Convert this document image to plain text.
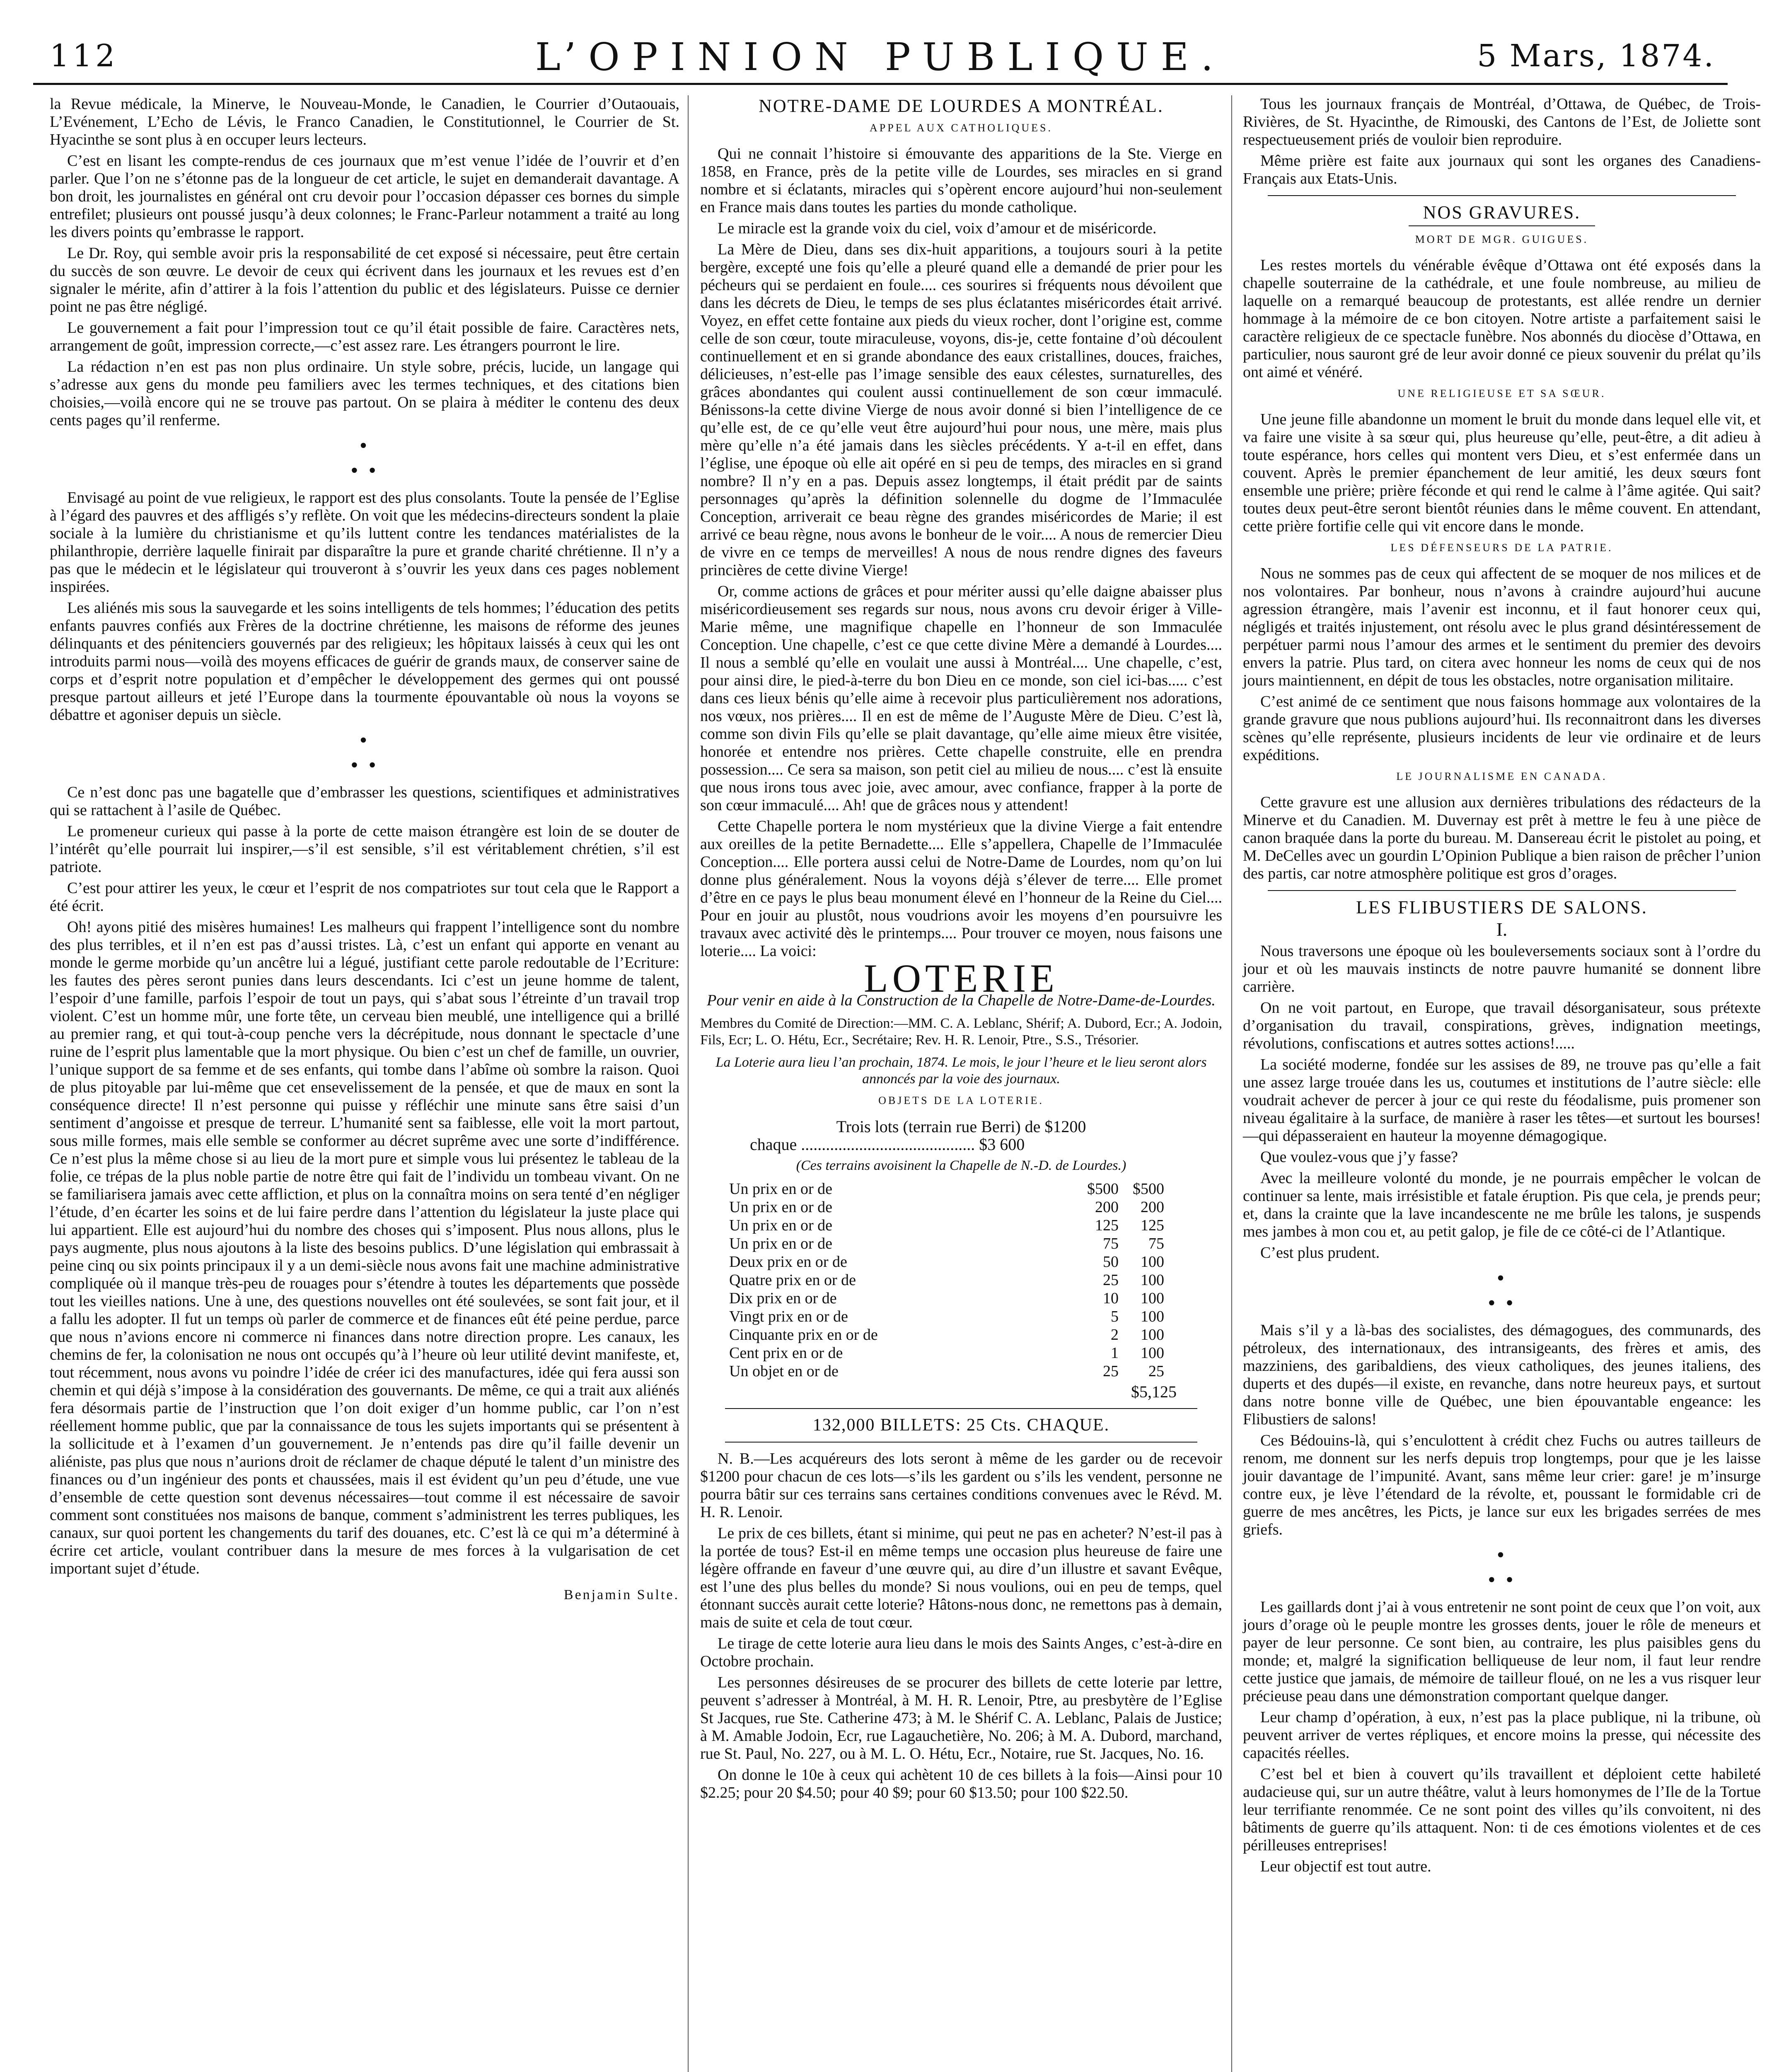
112	L’OPINION PUBLIQUE.	5 Mars, 1874.

la Revue médicale, la Minerve, le Nouveau-Monde, le Canadien, le Courrier d’Outaouais, L’Evénement, L’Echo de Lévis, le Franco Canadien, le Constitutionnel, le Courrier de St. Hyacinthe se sont plus à en occuper leurs lecteurs.

C’est en lisant les compte-rendus de ces journaux que m’est venue l’idée de l’ouvrir et d’en parler. Que l’on ne s’étonne pas de la longueur de cet article, le sujet en demanderait davantage. A bon droit, les journalistes en général ont cru devoir pour l’occasion dépasser ces bornes du simple entrefilet; plusieurs ont poussé jusqu’à deux colonnes; le Franc-Parleur notamment a traité au long les divers points qu’embrasse le rapport.

Le Dr. Roy, qui semble avoir pris la responsabilité de cet exposé si nécessaire, peut être certain du succès de son œuvre. Le devoir de ceux qui écrivent dans les journaux et les revues est d’en signaler le mérite, afin d’attirer à la fois l’attention du public et des législateurs. Puisse ce dernier point ne pas être négligé.

Le gouvernement a fait pour l’impression tout ce qu’il était possible de faire. Caractères nets, arrangement de goût, impression correcte,—c’est assez rare. Les étrangers pourront le lire.

La rédaction n’en est pas non plus ordinaire. Un style sobre, précis, lucide, un langage qui s’adresse aux gens du monde peu familiers avec les termes techniques, et des citations bien choisies,—voilà encore qui ne se trouve pas partout. On se plaira à méditer le contenu des deux cents pages qu’il renferme.

•
• •

Envisagé au point de vue religieux, le rapport est des plus consolants. Toute la pensée de l’Eglise à l’égard des pauvres et des affligés s’y reflète. On voit que les médecins-directeurs sondent la plaie sociale à la lumière du christianisme et qu’ils luttent contre les tendances matérialistes de la philanthropie, derrière laquelle finirait par disparaître la pure et grande charité chrétienne. Il n’y a pas que le médecin et le législateur qui trouveront à s’ouvrir les yeux dans ces pages noblement inspirées.

Les aliénés mis sous la sauvegarde et les soins intelligents de tels hommes; l’éducation des petits enfants pauvres confiés aux Frères de la doctrine chrétienne, les maisons de réforme des jeunes délinquants et des pénitenciers gouvernés par des religieux; les hôpitaux laissés à ceux qui les ont introduits parmi nous—voilà des moyens efficaces de guérir de grands maux, de conserver saine de corps et d’esprit notre population et d’empêcher le développement des germes qui ont poussé presque partout ailleurs et jeté l’Europe dans la tourmente épouvantable où nous la voyons se débattre et agoniser depuis un siècle.

•
• •

Ce n’est donc pas une bagatelle que d’embrasser les questions, scientifiques et administratives qui se rattachent à l’asile de Québec.

Le promeneur curieux qui passe à la porte de cette maison étrangère est loin de se douter de l’intérêt qu’elle pourrait lui inspirer,—s’il est sensible, s’il est véritablement chrétien, s’il est patriote.

C’est pour attirer les yeux, le cœur et l’esprit de nos compatriotes sur tout cela que le Rapport a été écrit.

Oh! ayons pitié des misères humaines! Les malheurs qui frappent l’intelligence sont du nombre des plus terribles, et il n’en est pas d’aussi tristes. Là, c’est un enfant qui apporte en venant au monde le germe morbide qu’un ancêtre lui a légué, justifiant cette parole redoutable de l’Ecriture: les fautes des pères seront punies dans leurs descendants. Ici c’est un jeune homme de talent, l’espoir d’une famille, parfois l’espoir de tout un pays, qui s’abat sous l’étreinte d’un travail trop violent. C’est un homme mûr, une forte tête, un cerveau bien meublé, une intelligence qui a brillé au premier rang, et qui tout-à-coup penche vers la décrépitude, nous donnant le spectacle d’une ruine de l’esprit plus lamentable que la mort physique. Ou bien c’est un chef de famille, un ouvrier, l’unique support de sa femme et de ses enfants, qui tombe dans l’abîme où sombre la raison. Quoi de plus pitoyable par lui-même que cet ensevelissement de la pensée, et que de maux en sont la conséquence directe! Il n’est personne qui puisse y réfléchir une minute sans être saisi d’un sentiment d’angoisse et presque de terreur. L’humanité sent sa faiblesse, elle voit la mort partout, sous mille formes, mais elle semble se conformer au décret suprême avec une sorte d’indifférence. Ce n’est plus la même chose si au lieu de la mort pure et simple vous lui présentez le tableau de la folie, ce trépas de la plus noble partie de notre être qui fait de l’individu un tombeau vivant. On ne se familiarisera jamais avec cette affliction, et plus on la connaîtra moins on sera tenté d’en négliger l’étude, d’en écarter les soins et de lui faire perdre dans l’attention du législateur la juste place qui lui appartient. Elle est aujourd’hui du nombre des choses qui s’imposent. Plus nous allons, plus le pays augmente, plus nous ajoutons à la liste des besoins publics. D’une législation qui embrassait à peine cinq ou six points principaux il y a un demi-siècle nous avons fait une machine administrative compliquée où il manque très-peu de rouages pour s’étendre à toutes les départements que possède tout les vieilles nations. Une à une, des questions nouvelles ont été soulevées, se sont fait jour, et il a fallu les adopter. Il fut un temps où parler de commerce et de finances eût été peine perdue, parce que nous n’avions encore ni commerce ni finances dans notre direction propre. Les canaux, les chemins de fer, la colonisation ne nous ont occupés qu’à l’heure où leur utilité devint manifeste, et, tout récemment, nous avons vu poindre l’idée de créer ici des manufactures, idée qui fera aussi son chemin et qui déjà s’impose à la considération des gouvernants. De même, ce qui a trait aux aliénés fera désormais partie de l’instruction que l’on doit exiger d’un homme public, car l’on n’est réellement homme public, que par la connaissance de tous les sujets importants qui se présentent à la sollicitude et à l’examen d’un gouvernement. Je n’entends pas dire qu’il faille devenir un aliéniste, pas plus que nous n’aurions droit de réclamer de chaque député le talent d’un ministre des finances ou d’un ingénieur des ponts et chaussées, mais il est évident qu’un peu d’étude, une vue d’ensemble de cette question sont devenus nécessaires—tout comme il est nécessaire de savoir comment sont constituées nos maisons de banque, comment s’administrent les terres publiques, les canaux, sur quoi portent les changements du tarif des douanes, etc. C’est là ce qui m’a déterminé à écrire cet article, voulant contribuer dans la mesure de mes forces à la vulgarisation de cet important sujet d’étude.

Benjamin Sulte.
NOTRE-DAME DE LOURDES A MONTRÉAL.
APPEL AUX CATHOLIQUES.

Qui ne connait l’histoire si émouvante des apparitions de la Ste. Vierge en 1858, en France, près de la petite ville de Lourdes, ses miracles en si grand nombre et si éclatants, miracles qui s’opèrent encore aujourd’hui non-seulement en France mais dans toutes les parties du monde catholique.

Le miracle est la grande voix du ciel, voix d’amour et de miséricorde.

La Mère de Dieu, dans ses dix-huit apparitions, a toujours souri à la petite bergère, excepté une fois qu’elle a pleuré quand elle a demandé de prier pour les pécheurs qui se perdaient en foule.... ces sourires si fréquents nous dévoilent que dans les décrets de Dieu, le temps de ses plus éclatantes miséricordes était arrivé. Voyez, en effet cette fontaine aux pieds du vieux rocher, dont l’origine est, comme celle de son cœur, toute miraculeuse, voyons, dis-je, cette fontaine d’où découlent continuellement et en si grande abondance des eaux cristallines, douces, fraiches, délicieuses, n’est-elle pas l’image sensible des eaux célestes, surnaturelles, des grâces abondantes qui coulent aussi continuellement de son cœur immaculé. Bénissons-la cette divine Vierge de nous avoir donné si bien l’intelligence de ce qu’elle est, de ce qu’elle veut être aujourd’hui pour nous, une mère, mais plus mère qu’elle n’a été jamais dans les siècles précédents. Y a-t-il en effet, dans l’église, une époque où elle ait opéré en si peu de temps, des miracles en si grand nombre? Il n’y en a pas. Depuis assez longtemps, il était prédit par de saints personnages qu’après la définition solennelle du dogme de l’Immaculée Conception, arriverait ce beau règne des grandes miséricordes de Marie; il est arrivé ce beau règne, nous avons le bonheur de le voir.... A nous de remercier Dieu de vivre en ce temps de merveilles! A nous de nous rendre dignes des faveurs princières de cette divine Vierge!

Or, comme actions de grâces et pour mériter aussi qu’elle daigne abaisser plus miséricordieusement ses regards sur nous, nous avons cru devoir ériger à Ville-Marie même, une magnifique chapelle en l’honneur de son Immaculée Conception. Une chapelle, c’est ce que cette divine Mère a demandé à Lourdes.... Il nous a semblé qu’elle en voulait une aussi à Montréal.... Une chapelle, c’est, pour ainsi dire, le pied-à-terre du bon Dieu en ce monde, son ciel ici-bas..... c’est dans ces lieux bénis qu’elle aime à recevoir plus particulièrement nos adorations, nos vœux, nos prières.... Il en est de même de l’Auguste Mère de Dieu. C’est là, comme son divin Fils qu’elle se plait davantage, qu’elle aime mieux être visitée, honorée et entendre nos prières. Cette chapelle construite, elle en prendra possession.... Ce sera sa maison, son petit ciel au milieu de nous.... c’est là ensuite que nous irons tous avec joie, avec amour, avec confiance, frapper à la porte de son cœur immaculé.... Ah! que de grâces nous y attendent!

Cette Chapelle portera le nom mystérieux que la divine Vierge a fait entendre aux oreilles de la petite Bernadette.... Elle s’appellera, Chapelle de l’Immaculée Conception.... Elle portera aussi celui de Notre-Dame de Lourdes, nom qu’on lui donne plus généralement. Nous la voyons déjà s’élever de terre.... Elle promet d’être en ce pays le plus beau monument élevé en l’honneur de la Reine du Ciel.... Pour en jouir au plustôt, nous voudrions avoir les moyens d’en poursuivre les travaux avec activité dès le printemps.... Pour trouver ce moyen, nous faisons une loterie.... La voici:

LOTERIE
Pour venir en aide à la Construction de la Chapelle de Notre-Dame-de-Lourdes.
Membres du Comité de Direction:—MM. C. A. Leblanc, Shérif; A. Dubord, Ecr.; A. Jodoin, Fils, Ecr; L. O. Hétu, Ecr., Secrétaire; Rev. H. R. Lenoir, Ptre., S.S., Trésorier.
La Loterie aura lieu l’an prochain, 1874. Le mois, le jour l’heure et le lieu seront alors annoncés par la voie des journaux.
OBJETS DE LA LOTERIE.
Trois lots (terrain rue Berri) de $1200
chaque .......................................... $3 600
(Ces terrains avoisinent la Chapelle de N.-D. de Lourdes.)
Un prix en or de	$500	$500
Un prix en or de	200	200
Un prix en or de	125	125
Un prix en or de	75	75
Deux prix en or de	50	100
Quatre prix en or de	25	100
Dix prix en or de	10	100
Vingt prix en or de	5	100
Cinquante prix en or de	2	100
Cent prix en or de	1	100
Un objet en or de	25	25
$5,125
132,000 BILLETS: 25 Cts. CHAQUE.

N. B.—Les acquéreurs des lots seront à même de les garder ou de recevoir $1200 pour chacun de ces lots—s’ils les gardent ou s’ils les vendent, personne ne pourra bâtir sur ces terrains sans certaines conditions convenues avec le Révd. M. H. R. Lenoir.

Le prix de ces billets, étant si minime, qui peut ne pas en acheter? N’est-il pas à la portée de tous? Est-il en même temps une occasion plus heureuse de faire une légère offrande en faveur d’une œuvre qui, au dire d’un illustre et savant Evêque, est l’une des plus belles du monde? Si nous voulions, oui en peu de temps, quel étonnant succès aurait cette loterie? Hâtons-nous donc, ne remettons pas à demain, mais de suite et cela de tout cœur.

Le tirage de cette loterie aura lieu dans le mois des Saints Anges, c’est-à-dire en Octobre prochain.

Les personnes désireuses de se procurer des billets de cette loterie par lettre, peuvent s’adresser à Montréal, à M. H. R. Lenoir, Ptre, au presbytère de l’Eglise St Jacques, rue Ste. Catherine 473; à M. le Shérif C. A. Leblanc, Palais de Justice; à M. Amable Jodoin, Ecr, rue Lagauchetière, No. 206; à M. A. Dubord, marchand, rue St. Paul, No. 227, ou à M. L. O. Hétu, Ecr., Notaire, rue St. Jacques, No. 16.

On donne le 10e à ceux qui achètent 10 de ces billets à la fois—Ainsi pour 10 $2.25; pour 20 $4.50; pour 40 $9; pour 60 $13.50; pour 100 $22.50.

Tous les journaux français de Montréal, d’Ottawa, de Québec, de Trois-Rivières, de St. Hyacinthe, de Rimouski, des Cantons de l’Est, de Joliette sont respectueusement priés de vouloir bien reproduire.

Même prière est faite aux journaux qui sont les organes des Canadiens-Français aux Etats-Unis.

NOS GRAVURES.
MORT DE MGR. GUIGUES.

Les restes mortels du vénérable évêque d’Ottawa ont été exposés dans la chapelle souterraine de la cathédrale, et une foule nombreuse, au milieu de laquelle on a remarqué beaucoup de protestants, est allée rendre un dernier hommage à la mémoire de ce bon citoyen. Notre artiste a parfaitement saisi le caractère religieux de ce spectacle funèbre. Nos abonnés du diocèse d’Ottawa, en particulier, nous sauront gré de leur avoir donné ce pieux souvenir du prélat qu’ils ont aimé et vénéré.

UNE RELIGIEUSE ET SA SŒUR.

Une jeune fille abandonne un moment le bruit du monde dans lequel elle vit, et va faire une visite à sa sœur qui, plus heureuse qu’elle, peut-être, a dit adieu à toute espérance, hors celles qui montent vers Dieu, et s’est enfermée dans un couvent. Après le premier épanchement de leur amitié, les deux sœurs font ensemble une prière; prière féconde et qui rend le calme à l’âme agitée. Qui sait? toutes deux peut-être seront bientôt réunies dans le même couvent. En attendant, cette prière fortifie celle qui vit encore dans le monde.

LES DÉFENSEURS DE LA PATRIE.

Nous ne sommes pas de ceux qui affectent de se moquer de nos milices et de nos volontaires. Par bonheur, nous n’avons à craindre aujourd’hui aucune agression étrangère, mais l’avenir est inconnu, et il faut honorer ceux qui, négligés et traités injustement, ont résolu avec le plus grand désintéressement de perpétuer parmi nous l’amour des armes et le sentiment du premier des devoirs envers la patrie. Plus tard, on citera avec honneur les noms de ceux qui de nos jours maintiennent, en dépit de tous les obstacles, notre organisation militaire.

C’est animé de ce sentiment que nous faisons hommage aux volontaires de la grande gravure que nous publions aujourd’hui. Ils reconnaitront dans les diverses scènes qu’elle représente, plusieurs incidents de leur vie ordinaire et de leurs expéditions.

LE JOURNALISME EN CANADA.

Cette gravure est une allusion aux dernières tribulations des rédacteurs de la Minerve et du Canadien. M. Duvernay est prêt à mettre le feu à une pièce de canon braquée dans la porte du bureau. M. Dansereau écrit le pistolet au poing, et M. DeCelles avec un gourdin L’Opinion Publique a bien raison de prêcher l’union des partis, car notre atmosphère politique est gros d’orages.

LES FLIBUSTIERS DE SALONS.
I.

Nous traversons une époque où les bouleversements sociaux sont à l’ordre du jour et où les mauvais instincts de notre pauvre humanité se donnent libre carrière.

On ne voit partout, en Europe, que travail désorganisateur, sous prétexte d’organisation du travail, conspirations, grèves, indignation meetings, révolutions, confiscations et autres sottes actions!.....

La société moderne, fondée sur les assises de 89, ne trouve pas qu’elle a fait une assez large trouée dans les us, coutumes et institutions de l’autre siècle: elle voudrait achever de percer à jour ce qui reste du féodalisme, puis promener son niveau égalitaire à la surface, de manière à raser les têtes—et surtout les bourses!—qui dépasseraient en hauteur la moyenne démagogique.

Que voulez-vous que j’y fasse?

Avec la meilleure volonté du monde, je ne pourrais empêcher le volcan de continuer sa lente, mais irrésistible et fatale éruption. Pis que cela, je prends peur; et, dans la crainte que la lave incandescente ne me brûle les talons, je suspends mes jambes à mon cou et, au petit galop, je file de ce côté-ci de l’Atlantique.

C’est plus prudent.

•
• •

Mais s’il y a là-bas des socialistes, des démagogues, des communards, des pétroleux, des internationaux, des intransigeants, des frères et amis, des mazziniens, des garibaldiens, des vieux catholiques, des jeunes italiens, des duperts et des dupés—il existe, en revanche, dans notre heureux pays, et surtout dans notre bonne ville de Québec, une bien épouvantable engeance: les Flibustiers de salons!

Ces Bédouins-là, qui s’enculottent à crédit chez Fuchs ou autres tailleurs de renom, me donnent sur les nerfs depuis trop longtemps, pour que je les laisse jouir davantage de l’impunité. Avant, sans même leur crier: gare! je m’insurge contre eux, je lève l’étendard de la révolte, et, poussant le formidable cri de guerre de mes ancêtres, les Picts, je lance sur eux les brigades serrées de mes griefs.

•
• •

Les gaillards dont j’ai à vous entretenir ne sont point de ceux que l’on voit, aux jours d’orage où le peuple montre les grosses dents, jouer le rôle de meneurs et payer de leur personne. Ce sont bien, au contraire, les plus paisibles gens du monde; et, malgré la signification belliqueuse de leur nom, il faut leur rendre cette justice que jamais, de mémoire de tailleur floué, on ne les a vus risquer leur précieuse peau dans une démonstration comportant quelque danger.

Leur champ d’opération, à eux, n’est pas la place publique, ni la tribune, où peuvent arriver de vertes répliques, et encore moins la presse, qui nécessite des capacités réelles.

C’est bel et bien à couvert qu’ils travaillent et déploient cette habileté audacieuse qui, sur un autre théâtre, valut à leurs homonymes de l’Ile de la Tortue leur terrifiante renommée. Ce ne sont point des villes qu’ils convoitent, ni des bâtiments de guerre qu’ils attaquent. Non: ti de ces émotions violentes et de ces périlleuses entreprises!

Leur objectif est tout autre.
